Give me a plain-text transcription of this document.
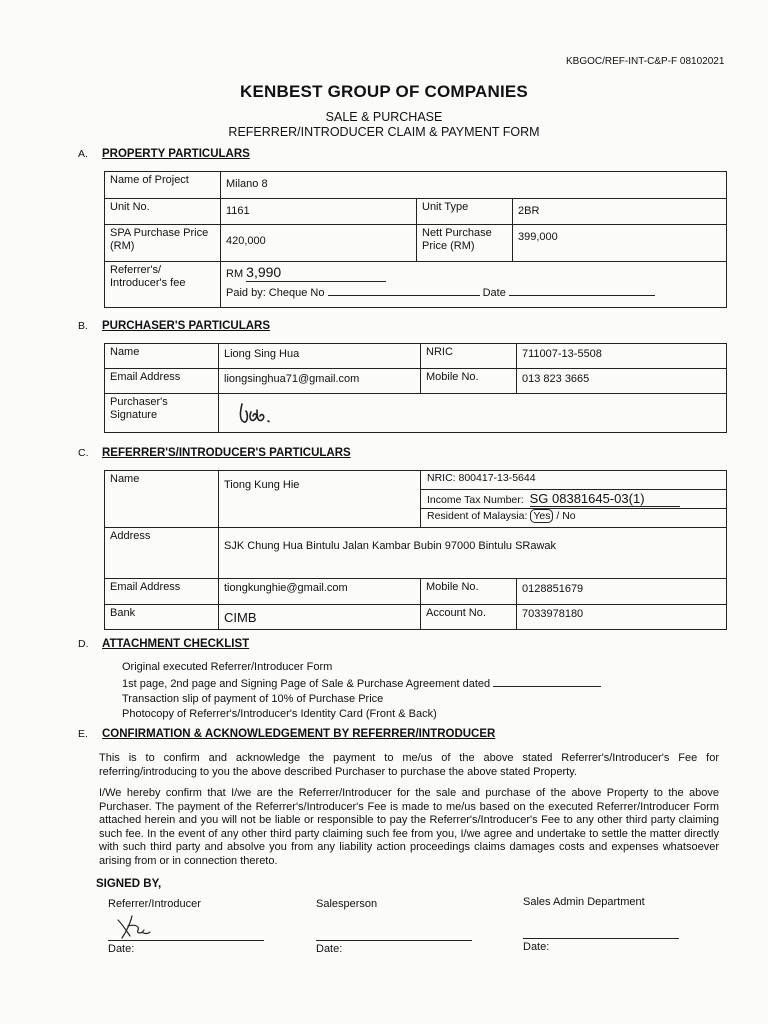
KBGOC/REF-INT-C&P-F 08102021
KENBEST GROUP OF COMPANIES
SALE & PURCHASE
REFERRER/INTRODUCER CLAIM & PAYMENT FORM
A. PROPERTY PARTICULARS
Name of Project	Milano 8		
Unit No.	1161	Unit Type	2BR
SPA Purchase Price (RM)	420,000	Nett Purchase Price (RM)	399,000
Referrer's/ Introducer's fee	RM 3,990
Paid by: Cheque No Date		
B. PURCHASER'S PARTICULARS
Name	Liong Sing Hua	NRIC	711007-13-5508
Email Address	liongsinghua71@gmail.com	Mobile No.	013 823 3665
Purchaser's Signature	
C. REFERRER'S/INTRODUCER'S PARTICULARS
Name	Tiong Kung Hie	NRIC: 800417-13-5644
Income Tax Number: SG 08381645-03(1)
Resident of Malaysia: Yes / No	

Address	SJK Chung Hua Bintulu Jalan Kambar Bubin 97000 Bintulu SRawak		
Email Address	tiongkunghie@gmail.com	Mobile No.	0128851679
Bank	CIMB	Account No.	7033978180
D. ATTACHMENT CHECKLIST
Original executed Referrer/Introducer Form
1st page, 2nd page and Signing Page of Sale & Purchase Agreement dated
Transaction slip of payment of 10% of Purchase Price
Photocopy of Referrer's/Introducer's Identity Card (Front & Back)
E. CONFIRMATION & ACKNOWLEDGEMENT BY REFERRER/INTRODUCER
This is to confirm and acknowledge the payment to me/us of the above stated Referrer's/Introducer's Fee for referring/introducing to you the above described Purchaser to purchase the above stated Property.
I/We hereby confirm that I/we are the Referrer/Introducer for the sale and purchase of the above Property to the above Purchaser. The payment of the Referrer's/Introducer's Fee is made to me/us based on the executed Referrer/Introducer Form attached herein and you will not be liable or responsible to pay the Referrer's/Introducer's Fee to any other third party claiming such fee. In the event of any other third party claiming such fee from you, I/we agree and undertake to settle the matter directly with such third party and absolve you from any liability action proceedings claims damages costs and expenses whatsoever arising from or in connection thereto.
SIGNED BY,
Referrer/Introducer
Date:
Salesperson
Date:
Sales Admin Department
Date:
